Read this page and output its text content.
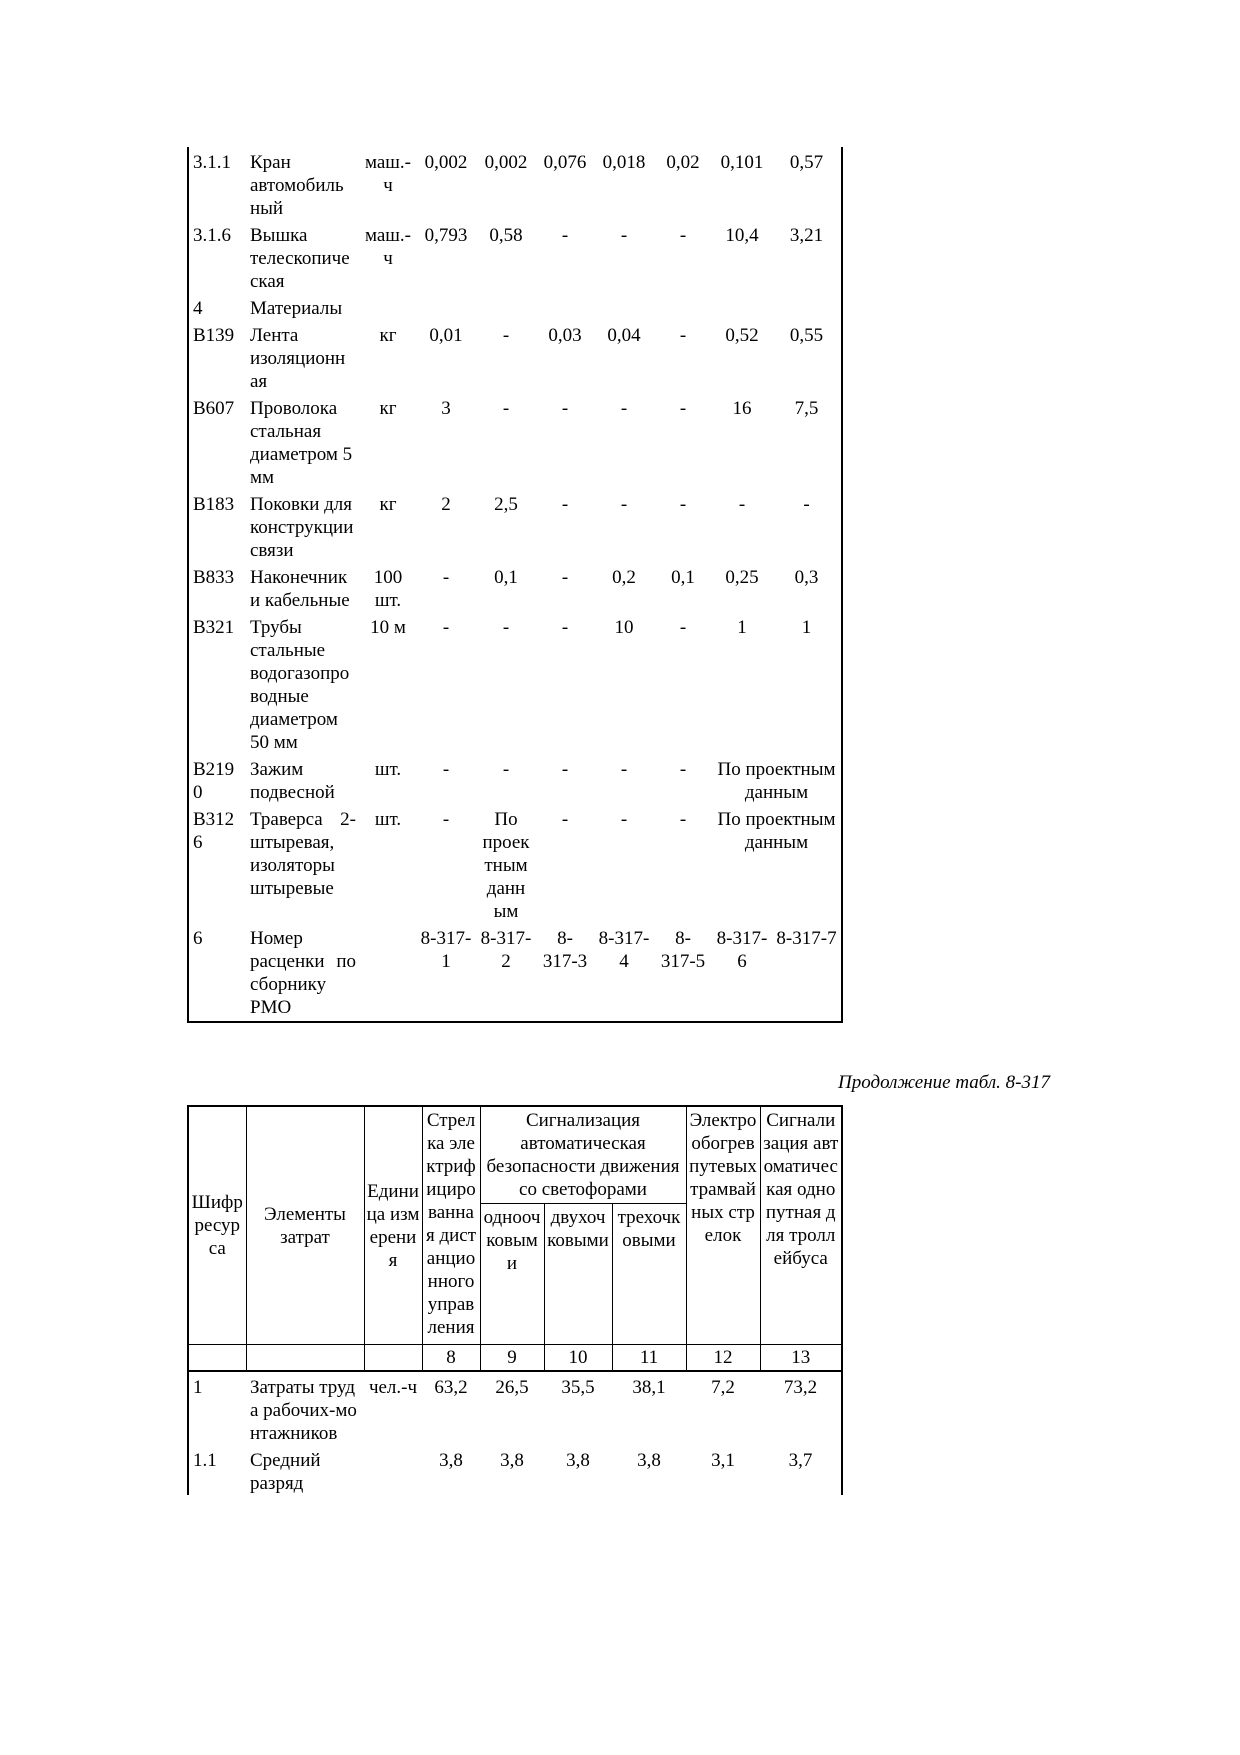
3.1.1	Кран автомобиль ный	маш.-ч	0,002	0,002	0,076	0,018	0,02	0,101	0,57
3.1.6	Вышка телескопиче ская	маш.-ч	0,793	0,58	-	-	-	10,4	3,21
4	Материалы								
В139	Лента изоляционн ая	кг	0,01	-	0,03	0,04	-	0,52	0,55
В607	Проволока стальная диаметром 5 мм	кг	3	-	-	-	-	16	7,5
В183	Поковки для конструкции связи	кг	2	2,5	-	-	-	-	-
В833	Наконечник и кабельные	100 шт.	-	0,1	-	0,2	0,1	0,25	0,3
В321	Трубы стальные водогазопро водные диаметром 50 мм	10 м	-	-	-	10	-	1	1
В2190	Зажим подвесной	шт.	-	-	-	-	-	По проектным данным	
В3126	Траверса 2-штыревая, изоляторы штыревые	шт.	-	По проек тным данн ым	-	-	-	По проектным данным	
6	Номер расценки по сборнику РМО		8-317-1	8-317-2	8-317-3	8-317-4	8-317-5	8-317-6	8-317-7
Продолжение табл. 8-317
Шифр ресурса	Элементы затрат	Единица измерения	Стрелка электрифицированная дистанционного управления	Сигнализация автоматическая безопасности движения со светофорами			Электрообогрев путевых трамвайных стрелок	Сигнализация автоматическая однопутная для троллейбуса
				одноочковыми	двухочковыми	трехочковыми		
			8	9	10	11	12	13
1	Затраты труда рабочих-монтажников	чел.-ч	63,2	26,5	35,5	38,1	7,2	73,2
1.1	Средний разряд		3,8	3,8	3,8	3,8	3,1	3,7
